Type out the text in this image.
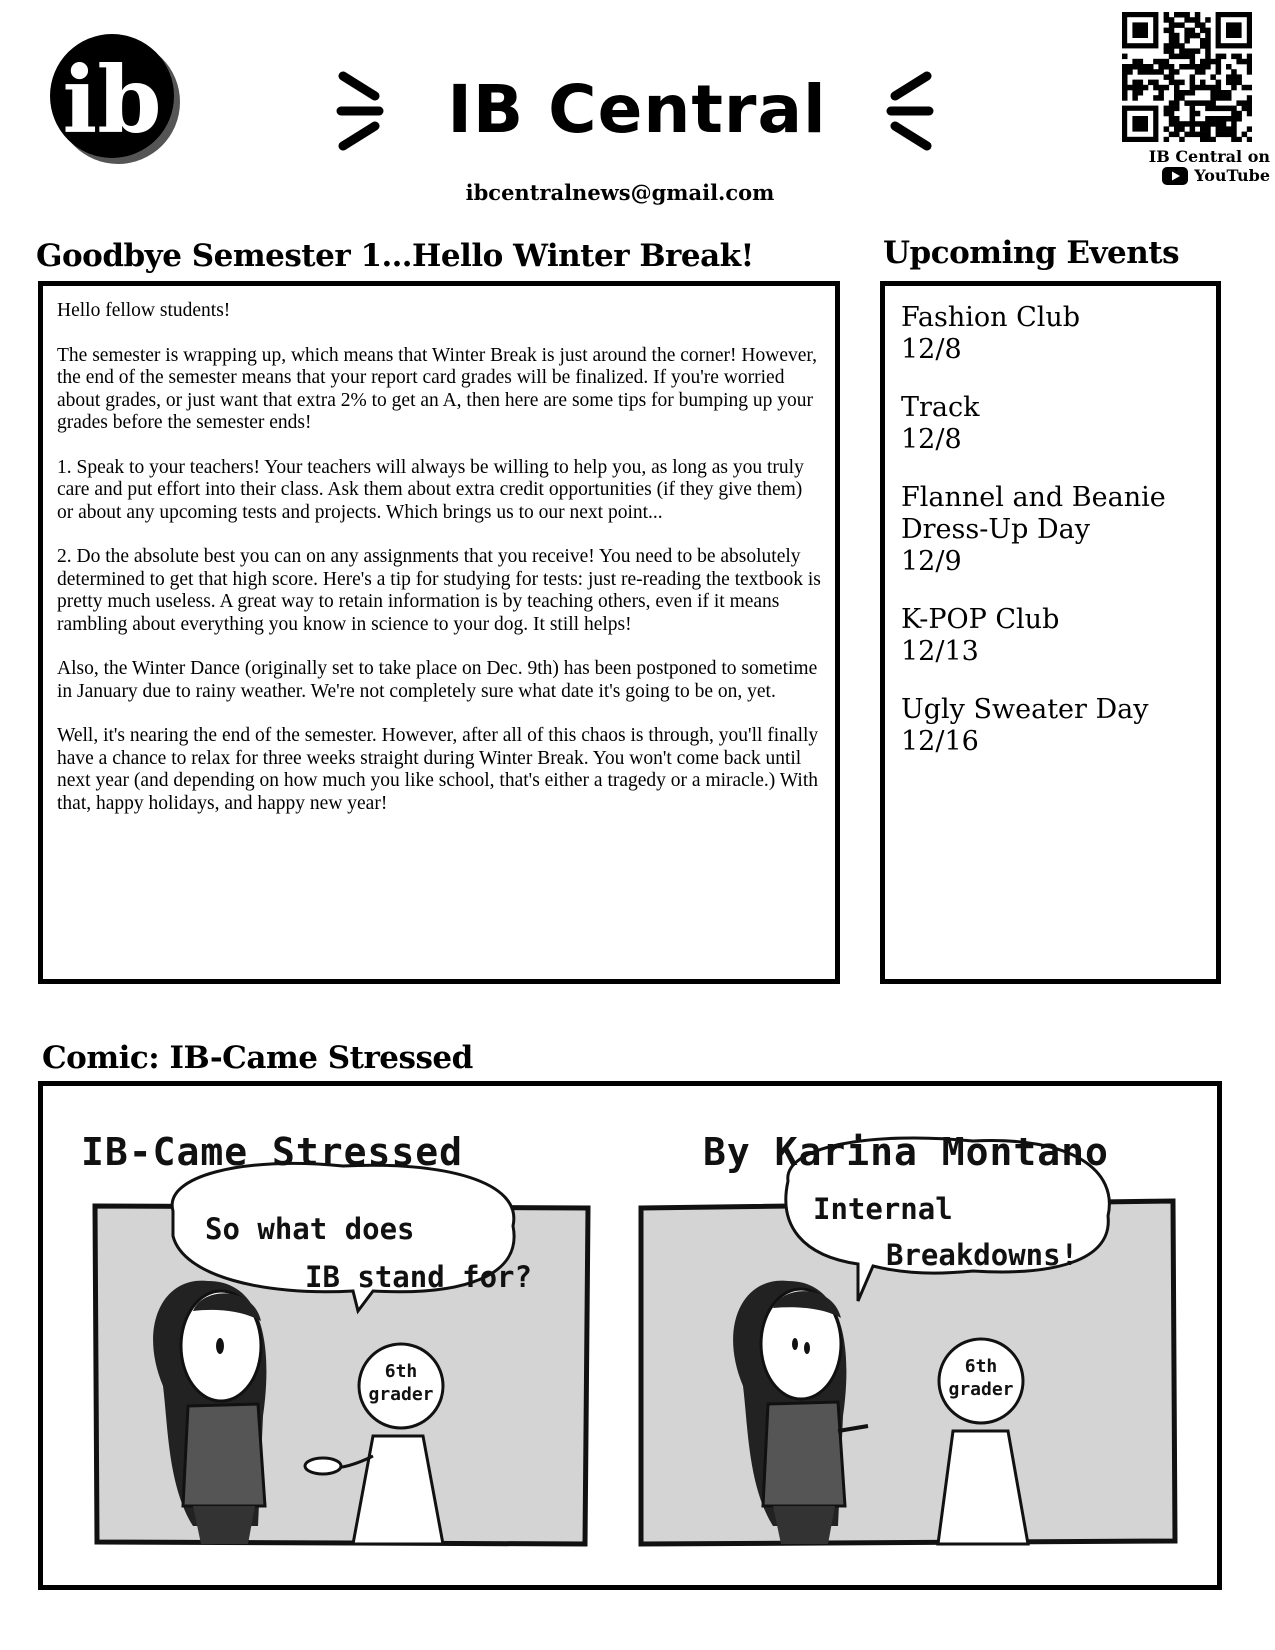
ib	IB Central
ibcentralnews@gmail.com
IB Central on
YouTube
Goodbye Semester 1…Hello Winter Break!

Hello fellow students!

The semester is wrapping up, which means that Winter Break is just around the corner! However, the end of the semester means that your report card grades will be finalized. If you're worried about grades, or just want that extra 2% to get an A, then here are some tips for bumping up your grades before the semester ends!

1. Speak to your teachers! Your teachers will always be willing to help you, as long as you truly care and put effort into their class. Ask them about extra credit opportunities (if they give them) or about any upcoming tests and projects. Which brings us to our next point...

2. Do the absolute best you can on any assignments that you receive! You need to be absolutely determined to get that high score. Here's a tip for studying for tests: just re-reading the textbook is pretty much useless. A great way to retain information is by teaching others, even if it means rambling about everything you know in science to your dog. It still helps!

Also, the Winter Dance (originally set to take place on Dec. 9th) has been postponed to sometime in January due to rainy weather. We're not completely sure what date it's going to be on, yet.

Well, it's nearing the end of the semester. However, after all of this chaos is through, you'll finally have a chance to relax for three weeks straight during Winter Break. You won't come back until next year (and depending on how much you like school, that's either a tragedy or a miracle.) With that, happy holidays, and happy new year!

Upcoming Events
Fashion Club
12/8
Track
12/8
Flannel and Beanie Dress-Up Day
12/9
K-POP Club
12/13
Ugly Sweater Day
12/16
Comic: IB-Came Stressed
IB-Came Stressed	By Karina Montano
So what does
IB stand for?
6th
grader
Internal
Breakdowns!
6th
grader
